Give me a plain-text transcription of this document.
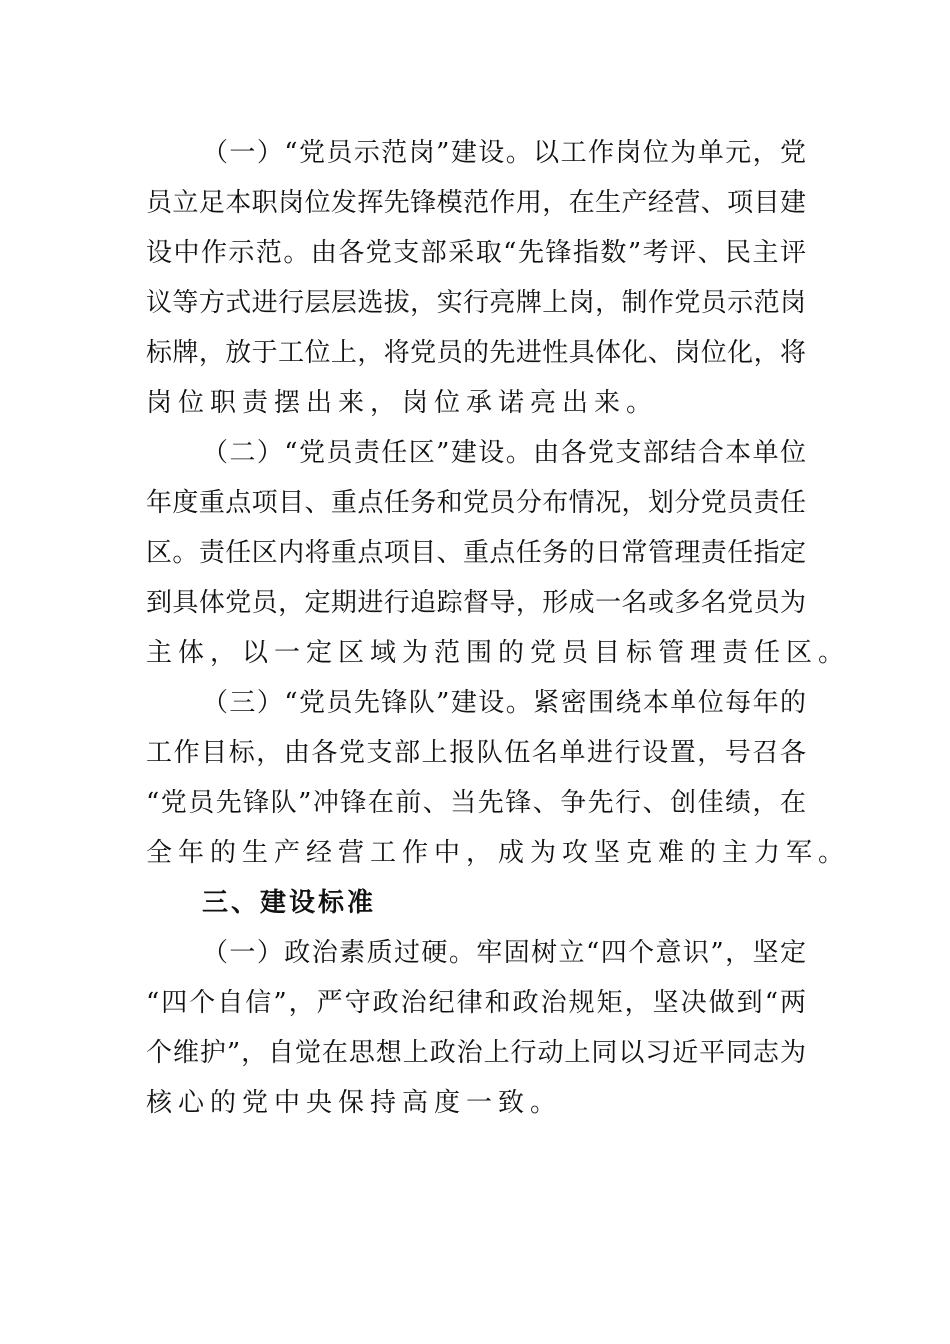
（一）“党员示范岗”建设。以工作岗位为单元，党
员立足本职岗位发挥先锋模范作用，在生产经营、项目建
设中作示范。由各党支部采取“先锋指数”考评、民主评
议等方式进行层层选拔，实行亮牌上岗，制作党员示范岗
标牌，放于工位上，将党员的先进性具体化、岗位化，将
岗位职责摆出来，岗位承诺亮出来。
（二）“党员责任区”建设。由各党支部结合本单位
年度重点项目、重点任务和党员分布情况，划分党员责任
区。责任区内将重点项目、重点任务的日常管理责任指定
到具体党员，定期进行追踪督导，形成一名或多名党员为
主体，以一定区域为范围的党员目标管理责任区。
（三）“党员先锋队”建设。紧密围绕本单位每年的
工作目标，由各党支部上报队伍名单进行设置，号召各
“党员先锋队”冲锋在前、当先锋、争先行、创佳绩，在
全年的生产经营工作中，成为攻坚克难的主力军。
三、建设标准
（一）政治素质过硬。牢固树立“四个意识”，坚定
“四个自信”，严守政治纪律和政治规矩，坚决做到“两
个维护”，自觉在思想上政治上行动上同以习近平同志为
核心的党中央保持高度一致。
